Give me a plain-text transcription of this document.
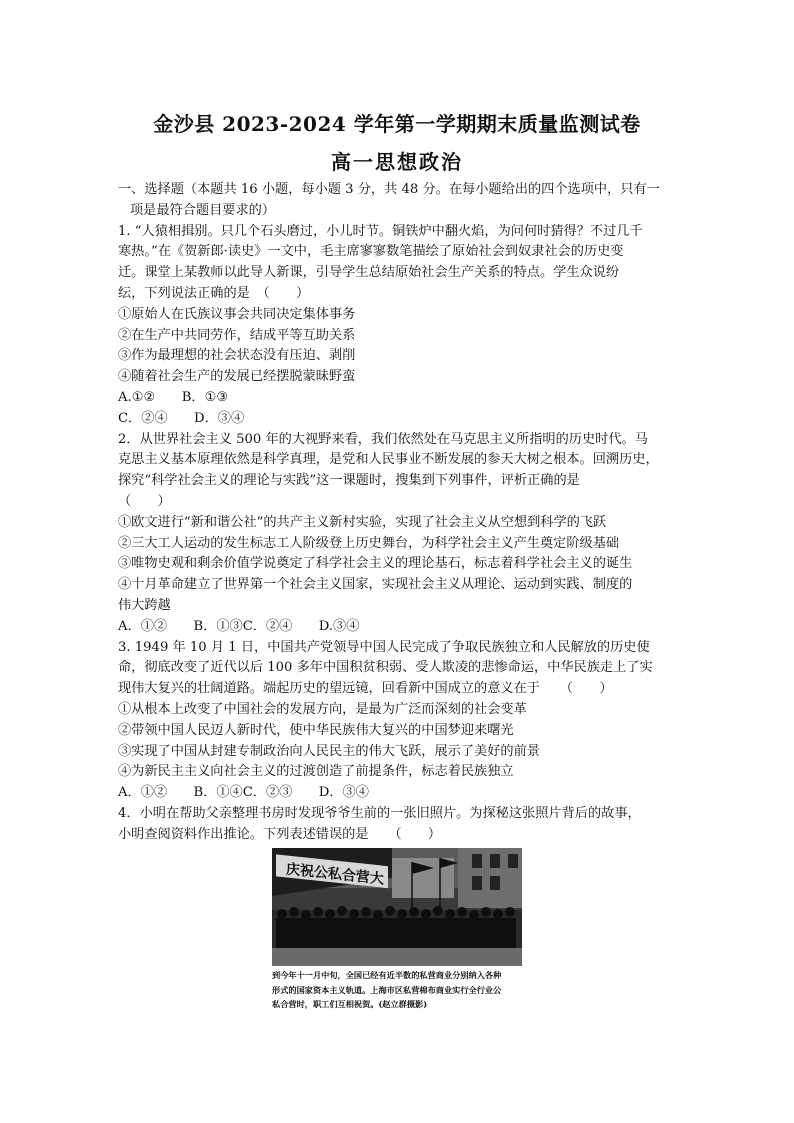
金沙县 2023-2024 学年第一学期期末质量监测试卷
高一思想政治
一、选择题（本题共 16 小题，每小题 3 分，共 48 分。在每小题给出的四个选项中，只有一
项是最符合题目要求的）
1. “人猿相揖别。只几个石头磨过，小儿时节。铜铁炉中翻火焰，为问何时猜得？不过几千
寒热。”在《贺新郎·读史》一文中，毛主席寥寥数笔描绘了原始社会到奴隶社会的历史变
迁。课堂上某教师以此导人新课，引导学生总结原始社会生产关系的特点。学生众说纷
纭，下列说法正确的是　（　　）
①原始人在氏族议事会共同决定集体事务
②在生产中共同劳作，结成平等互助关系
③作为最理想的社会状态没有压迫、剥削
④随着社会生产的发展已经摆脱蒙昧野蛮
A.①②　　B．①③
C．②④　　D．③④
2．从世界社会主义 500 年的大视野来看，我们依然处在马克思主义所指明的历史时代。马
克思主义基本原理依然是科学真理，是党和人民事业不断发展的参天大树之根本。回溯历史，
探究“科学社会主义的理论与实践”这一课题时，搜集到下列事件，评析正确的是
（　　）
①欧文进行“新和谐公社”的共产主义新村实验，实现了社会主义从空想到科学的飞跃
②三大工人运动的发生标志工人阶级登上历史舞台，为科学社会主义产生奠定阶级基础
③唯物史观和剩余价值学说奠定了科学社会主义的理论基石，标志着科学社会主义的诞生
④十月革命建立了世界第一个社会主义国家，实现社会主义从理论、运动到实践、制度的
伟大跨越
A．①②　　B．①③C．②④　　D.③④
3. 1949 年 10 月 1 日，中国共产党领导中国人民完成了争取民族独立和人民解放的历史使
命，彻底改变了近代以后 100 多年中国积贫积弱、受人欺凌的悲惨命运，中华民族走上了实
现伟大复兴的壮阔道路。端起历史的望远镜，回看新中国成立的意义在于　　（　　）
①从根本上改变了中国社会的发展方向，是最为广泛而深刻的社会变革
②带领中国人民迈人新时代，使中华民族伟大复兴的中国梦迎来曙光
③实现了中国从封建专制政治向人民民主的伟大飞跃，展示了美好的前景
④为新民主主义向社会主义的过渡创造了前提条件，标志着民族独立
A．①②　　B．①④C．②③　　D．③④
4．小明在帮助父亲整理书房时发现爷爷生前的一张旧照片。为探秘这张照片背后的故事，
小明查阅资料作出推论。下列表述错误的是　　（　　）
庆祝公私合营大
到今年十一月中旬，全国已经有近半数的私营商业分别纳入各种
形式的国家资本主义轨道。上海市区私营棉布商业实行全行业公
私合营时，职工们互相祝贺。(赵立群摄影)
